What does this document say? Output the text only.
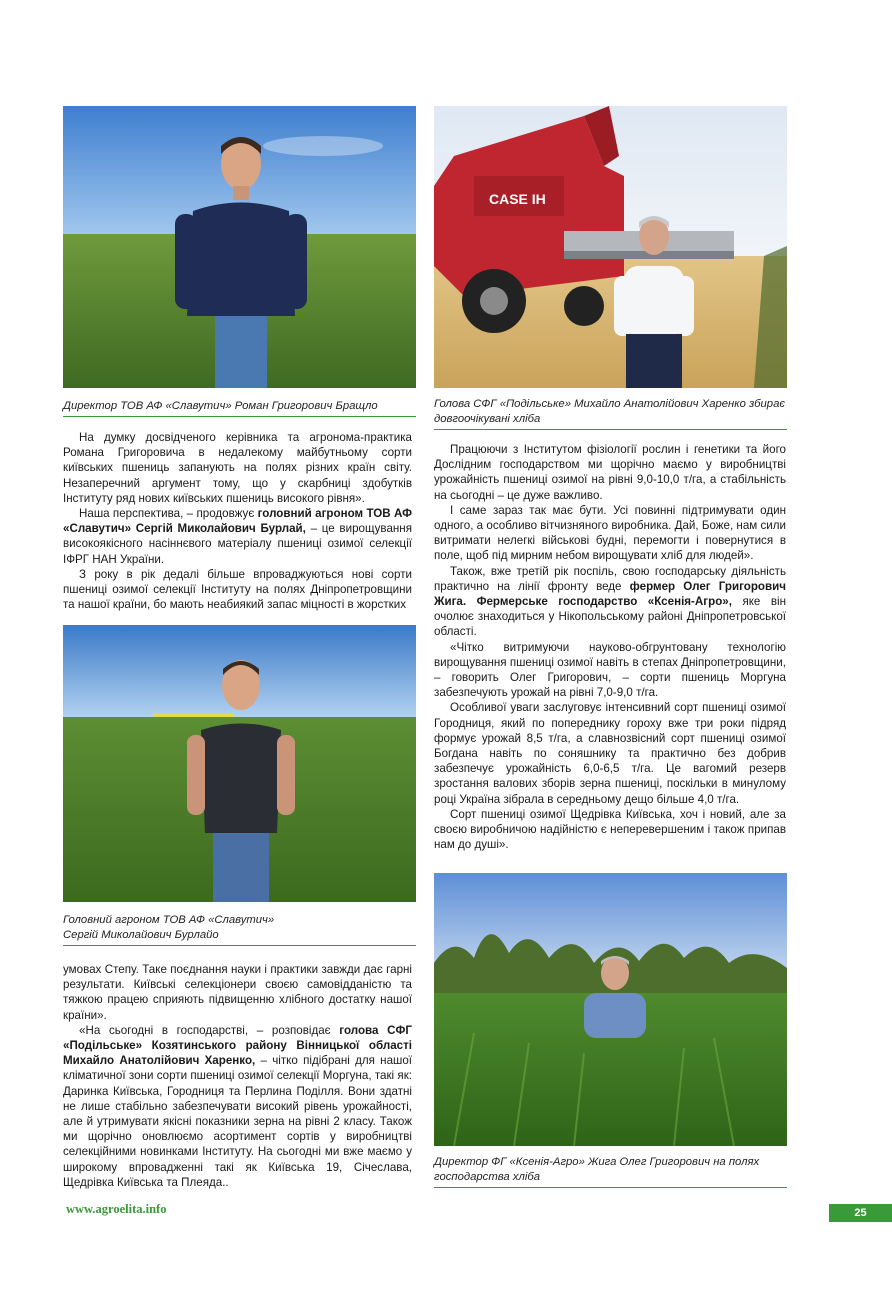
Директор ТОВ АФ «Славутич» Роман Григорович Бращло
CASE IH
Голова СФГ «Подільське» Михайло Анатолійович Харенко збирає довгоочікувані хліба

На думку досвідченого керівника та агронома-практика Романа Григоровича в недалекому майбутньому сорти київських пшениць запанують на полях різних країн світу. Незаперечний аргумент тому, що у скарбниці здобутків Інституту ряд нових київських пшениць високого рівня».

Наша перспектива, – продовжує головний агроном ТОВ АФ «Славутич» Сергій Миколайович Бурлай, – це вирощування високоякісного насіннєвого матеріалу пшениці озимої селекції ІФРГ НАН України.

З року в рік дедалі більше впроваджуються нові сорти пшениці озимої селекції Інституту на полях Дніпропетровщини та нашої країни, бо мають неабиякий запас міцності в жорстких

Головний агроном ТОВ АФ «Славутич»
Сергій Миколайович Бурлайо

умовах Степу. Таке поєднання науки і практики завжди дає гарні результати. Київські селекціонери своєю самовідданістю та тяжкою працею сприяють підвищенню хлібного достатку нашої країни».

«На сьогодні в господарстві, – розповідає голова СФГ «Подільське» Козятинського району Вінницької області Михайло Анатолійович Харенко, – чітко підібрані для нашої кліматичної зони сорти пшениці озимої селекції Моргуна, такі як: Даринка Київська, Городниця та Перлина Поділля. Вони здатні не лише стабільно забезпечувати високий рівень урожайності, але й утримувати якісні показники зерна на рівні 2 класу. Також ми щорічно оновлюємо асортимент сортів у виробництві селекційними новинками Інституту. На сьогодні ми вже маємо у широкому впровадженні такі як Київська 19, Січеслава, Щедрівка Київська та Плеяда..

Працюючи з Інститутом фізіології рослин і генетики та його Дослідним господарством ми щорічно маємо у виробництві урожайність пшениці озимої на рівні 9,0-10,0 т/га, а стабільність на сьогодні – це дуже важливо.

І саме зараз так має бути. Усі повинні підтримувати один одного, а особливо вітчизняного виробника. Дай, Боже, нам сили витримати нелегкі військові будні, перемогти і повернутися в поле, щоб під мирним небом вирощувати хліб для людей».

Також, вже третій рік поспіль, свою господарську діяльність практично на лінії фронту веде фермер Олег Григорович Жига. Фермерське господарство «Ксенія-Агро», яке він очолює знаходиться у Нікопольському районі Дніпропетровської області.

«Чітко витримуючи науково-обгрунтовану технологію вирощування пшениці озимої навіть в степах Дніпропетровщини, – говорить Олег Григорович, – сорти пшениць Моргуна забезпечують урожай на рівні 7,0-9,0 т/га.

Особливої уваги заслуговує інтенсивний сорт пшениці озимої Городниця, який по попереднику гороху вже три роки підряд формує урожай 8,5 т/га, а славнозвісний сорт пшениці озимої Богдана навіть по соняшнику та практично без добрив забезпечує урожайність 6,0-6,5 т/га. Це вагомий резерв зростання валових зборів зерна пшениці, поскільки в минулому році Україна зібрала в середньому дещо більше 4,0 т/га.

Сорт пшениці озимої Щедрівка Київська, хоч і новий, але за своєю виробничою надійністю є неперевершеним і також припав нам до душі».

Директор ФГ «Ксенія-Агро» Жига Олег Григорович на полях господарства хліба
www.agroelita.info	25
